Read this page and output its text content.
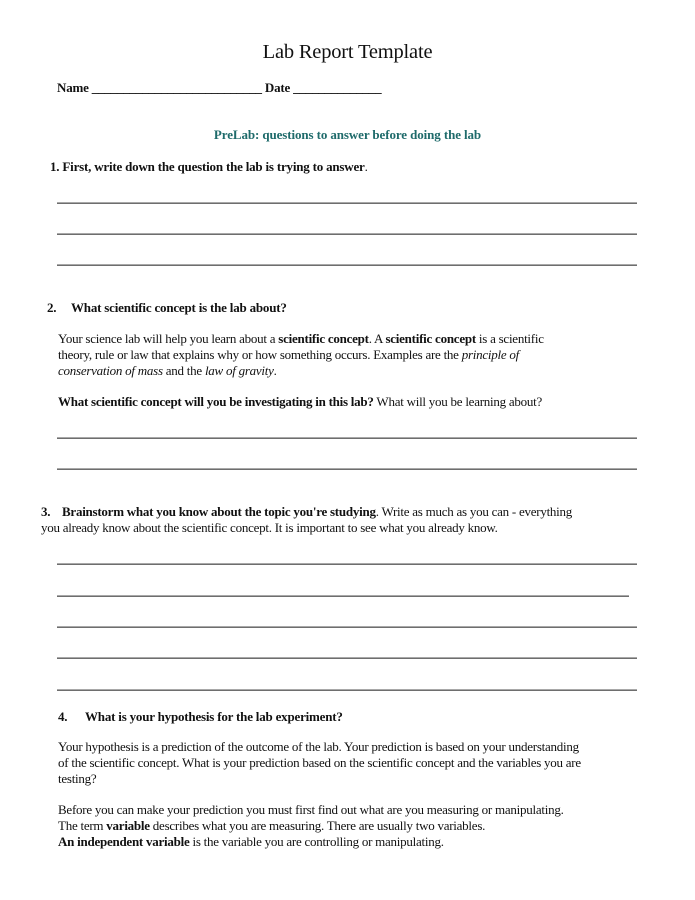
Lab Report Template
Name ___________________________ Date ______________
PreLab: questions to answer before doing the lab
1. First, write down the question the lab is trying to answer.
2. What scientific concept is the lab about?
Your science lab will help you learn about a scientific concept. A scientific concept is a scientific
theory, rule or law that explains why or how something occurs. Examples are the principle of
conservation of mass and the law of gravity.
What scientific concept will you be investigating in this lab? What will you be learning about?
3. Brainstorm what you know about the topic you're studying. Write as much as you can - everything
you already know about the scientific concept. It is important to see what you already know.
4. What is your hypothesis for the lab experiment?
Your hypothesis is a prediction of the outcome of the lab. Your prediction is based on your understanding
of the scientific concept. What is your prediction based on the scientific concept and the variables you are
testing?
Before you can make your prediction you must first find out what are you measuring or manipulating.
The term variable describes what you are measuring. There are usually two variables.
An independent variable is the variable you are controlling or manipulating.
